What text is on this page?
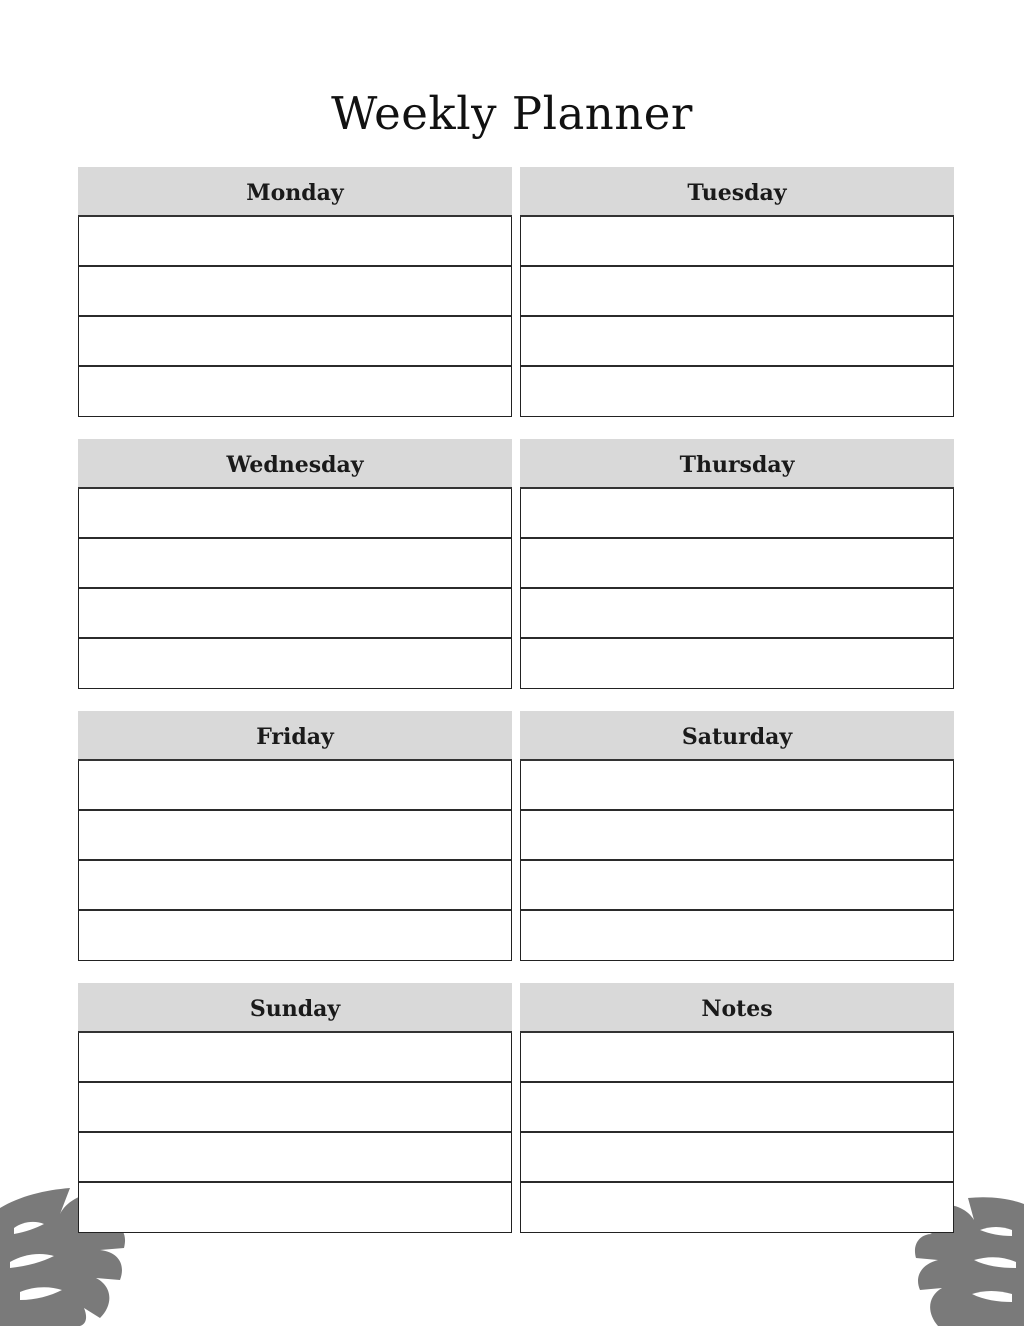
Weekly Planner
Monday	Tuesday
Wednesday	Thursday
Friday	Saturday
Sunday	Notes
